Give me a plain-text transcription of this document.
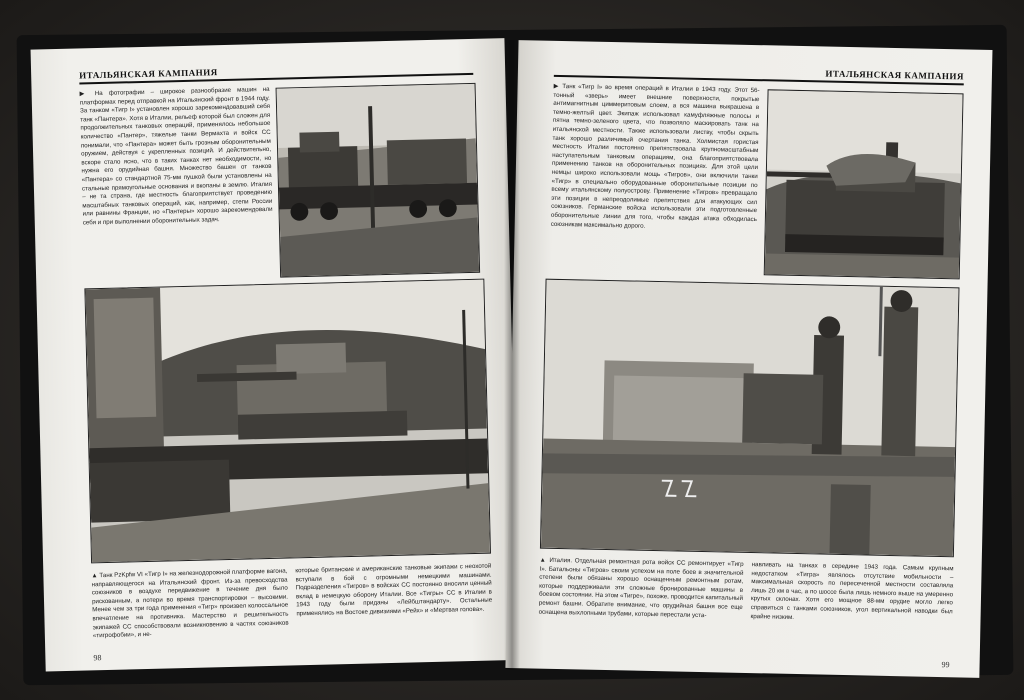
ИТАЛЬЯНСКАЯ КАМПАНИЯ
▶ На фотографии – широкое разнообразие машин на платформах перед отправкой на Итальянский фронт в 1944 году. За танком «Тигр I» установлен хорошо зарекомендовавший себя танк «Пантера». Хотя в Италии, рельеф которой был сложен для продолжительных танковых операций, применялось небольшое количество «Пантер», тяжелые танки Вермахта и войск СС понимали, что «Пантера» может быть грозным оборонительным оружием, действуя с укрепленных позиций. И действительно, вскоре стало ясно, что в таких танках нет необходимости, но нужна его орудийная башня. Множество башен от танков «Пантера» со стандартной 75-мм пушкой были установлены на стальные прямоугольные основания и вкопаны в землю. Италия – не та страна, где местность благоприятствует проведению масштабных танковых операций, как, например, степи России или равнины Франции, но «Пантеры» хорошо зарекомендовали себя и при выполнении оборонительных задач.
▲ Танк PzKpfw VI «Тигр I» на железнодорожной платформе вагона, направляющегося на Итальянский фронт. Из-за превосходства союзников в воздухе передвижение в течение дня было рискованным, а потери во время транспортировки – высокими. Менее чем за три года применения «Тигр» произвел колоссальное впечатление на противника. Мастерство и решительность экипажей СС способствовали возникновению в частях союзников «тигрофобии», и не-
которые британские и американские танковые экипажи с неохотой вступали в бой с огромными немецкими машинами. Подразделения «Тигров» в войсках СС постоянно вносили ценный вклад в немецкую оборону Италии. Все «Тигры» СС в Италии в 1943 году были приданы «Лейбштандарту». Остальные применялись на Востоке дивизиями «Рейх» и «Мертвая голова».
98
ИТАЛЬЯНСКАЯ КАМПАНИЯ
▶ Танк «Тигр I» во время операций в Италии в 1943 году. Этот 56-тонный «зверь» имеет внешние поверхности, покрытые антимагнитным циммеритовым слоем, а вся машина выкрашена в темно-желтый цвет. Экипаж использовал камуфляжные полосы и пятна темно-зеленого цвета, что позволяло маскировать танк на итальянской местности. Также использовали листву, чтобы скрыть танк хорошо различимый очертания танка. Холмистая гористая местность Италии постоянно препятствовала крупномасштабным наступательным танковым операциям, она благоприятствовала применению танков на оборонительных позициях. Для этой цели немцы широко использовали мощь «Тигров», они включили танки «Тигр» в специально оборудованные оборонительные позиции по всему итальянскому полуострову. Применение «Тигров» превращало эти позиции в непреодолимые препятствия для атакующих сил союзников. Германские войска использовали эти подготовленные оборонительные линии для того, чтобы каждая атака обходилась союзникам максимально дорого.
▲ Италия. Отдельная ремонтная рота войск СС ремонтирует «Тигр I». Батальоны «Тигров» своим успехом на поле боев в значительной степени были обязаны хорошо оснащенным ремонтным ротам, которые поддерживали эти сложные бронированные машины в боевом состоянии. На этом «Тигре», похоже, проводится капитальный ремонт башни. Обратите внимание, что орудийная башня все еще оснащена выхлопными трубами, которые перестали уста-
навливать на танках в середине 1943 года. Самым крупным недостатком «Тигра» являлось отсутствие мобильности – максимальная скорость по пересеченной местности составляла лишь 20 км в час, а по шоссе была лишь немного выше на умеренно крутых склонах. Хотя его мощное 88-мм орудие могло легко справиться с танками союзников, угол вертикальной наводки был крайне низким.
99
